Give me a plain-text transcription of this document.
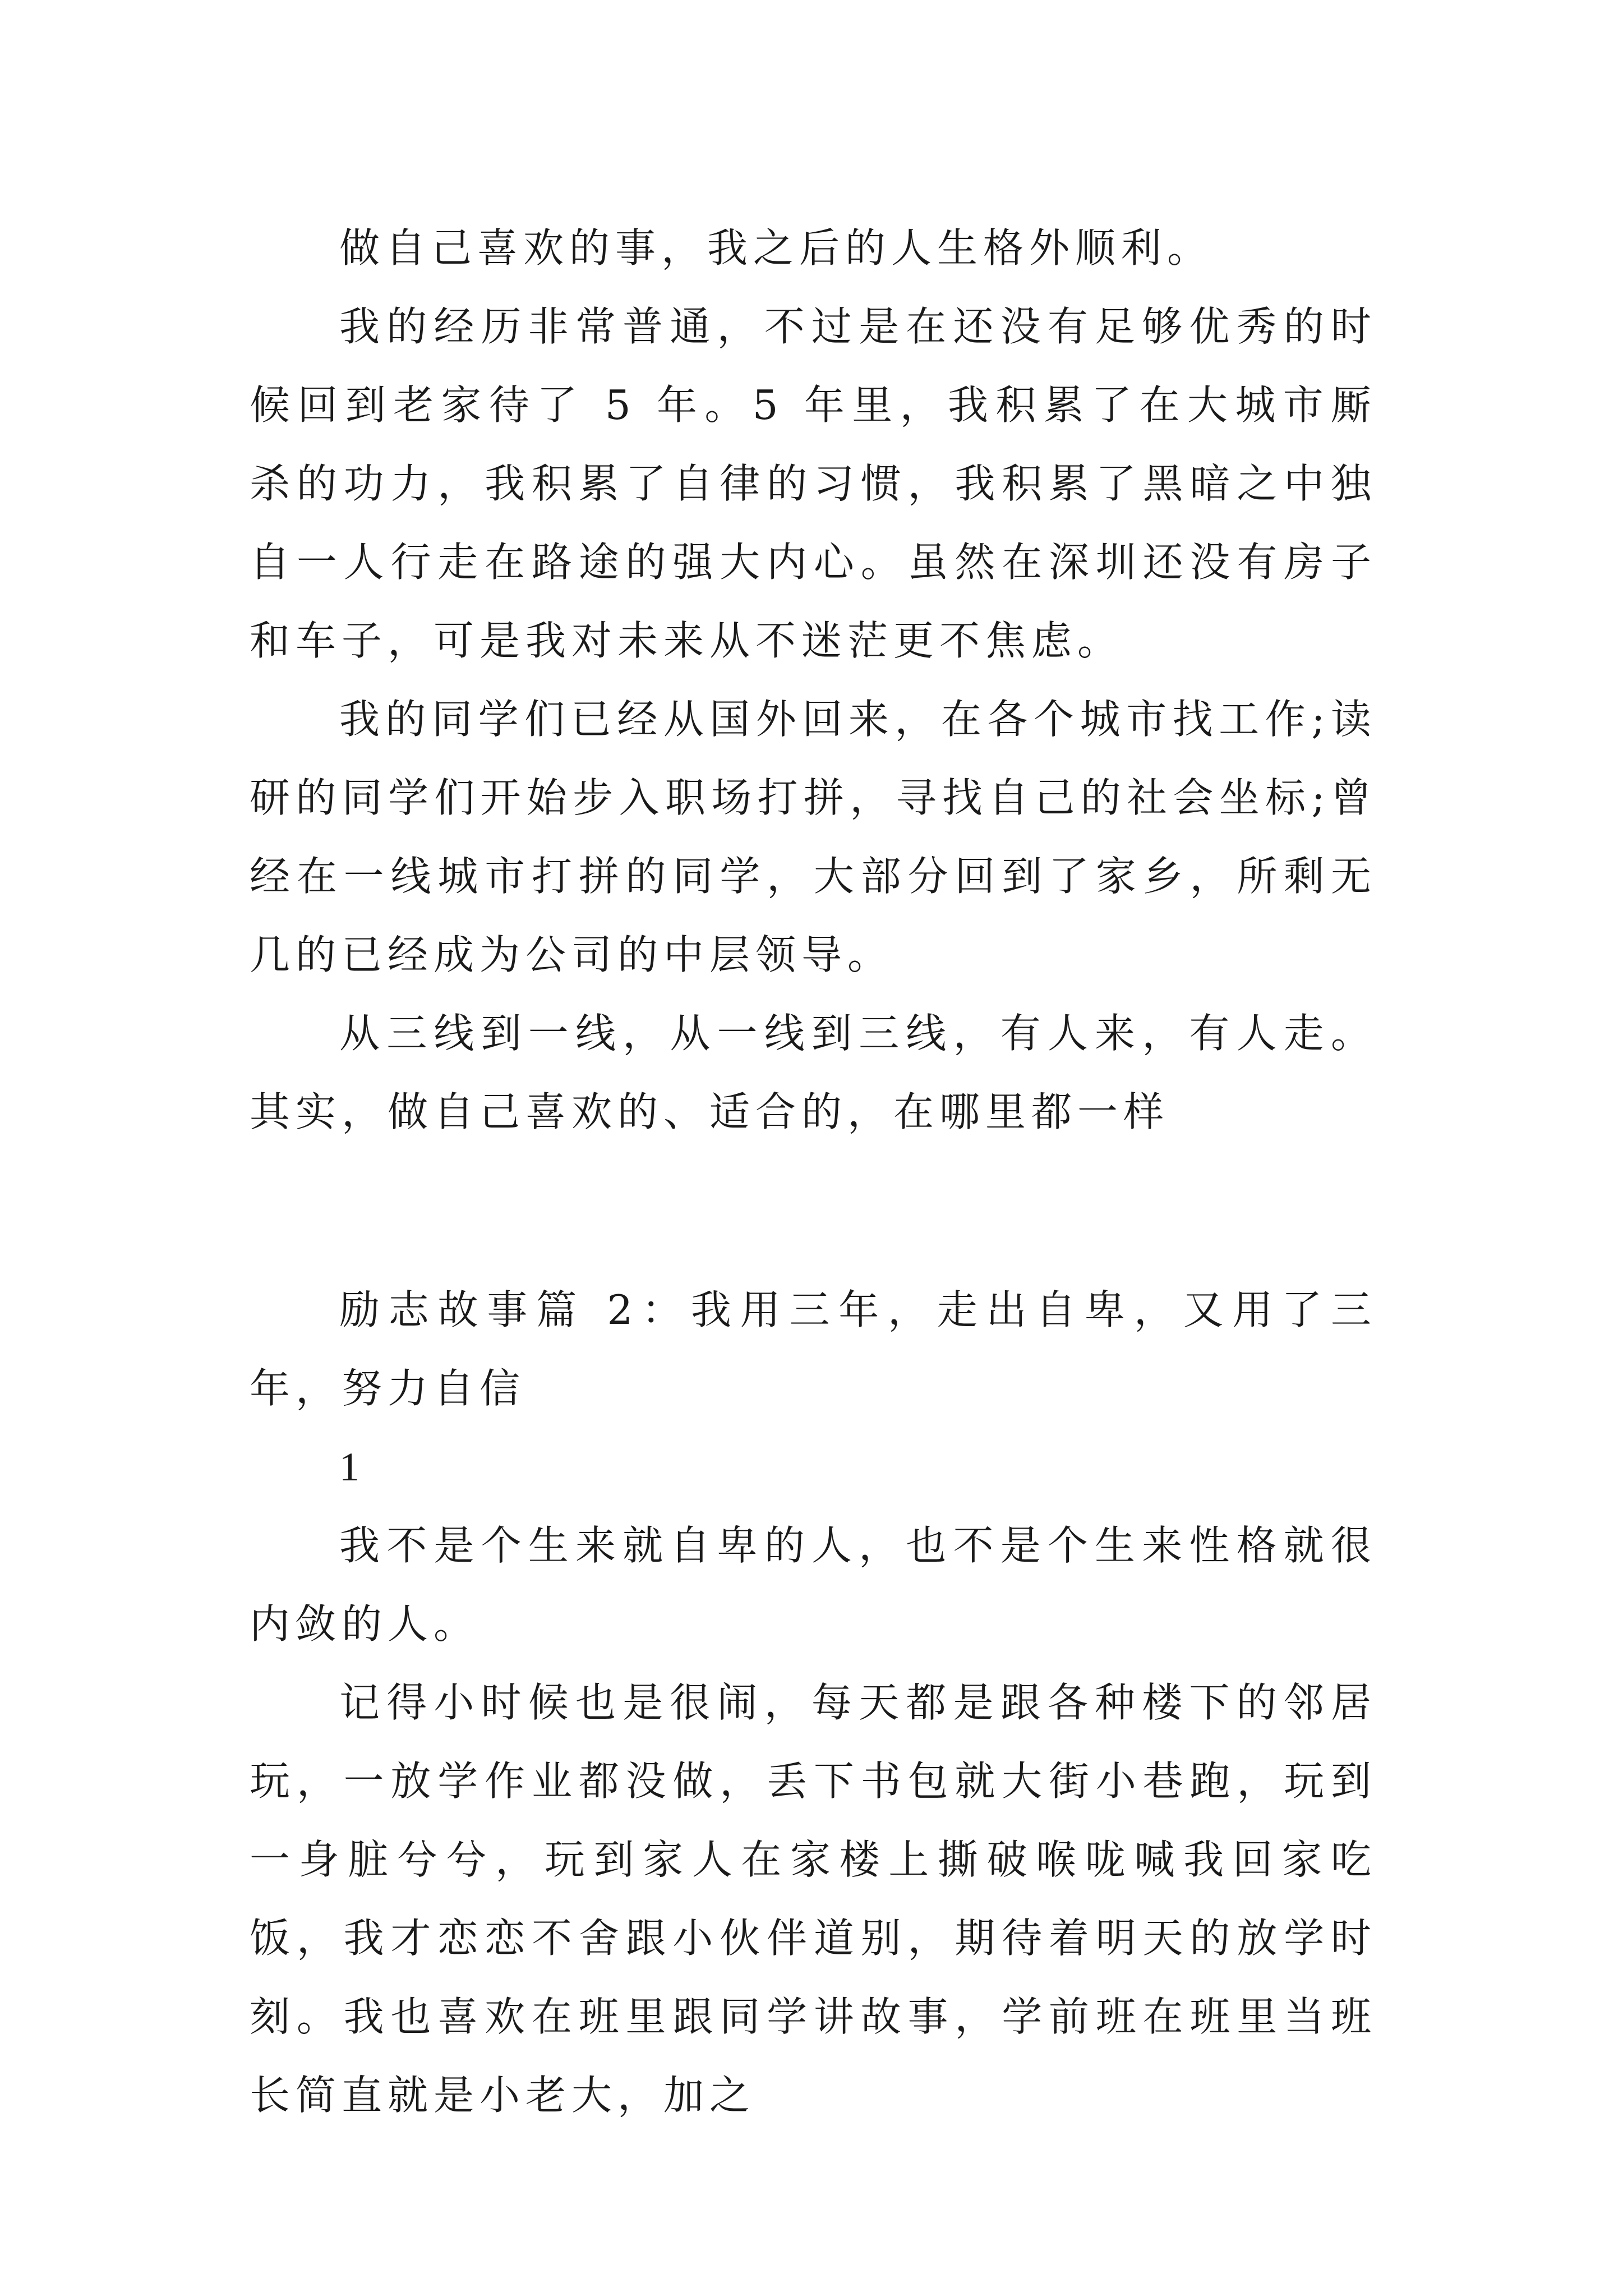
做自己喜欢的事，我之后的人生格外顺利。

我的经历非常普通，不过是在还没有足够优秀的时候回到老家待了 5 年。5 年里，我积累了在大城市厮杀的功力，我积累了自律的习惯，我积累了黑暗之中独自一人行走在路途的强大内心。虽然在深圳还没有房子和车子，可是我对未来从不迷茫更不焦虑。

我的同学们已经从国外回来，在各个城市找工作;读研的同学们开始步入职场打拼，寻找自己的社会坐标;曾经在一线城市打拼的同学，大部分回到了家乡，所剩无几的已经成为公司的中层领导。

从三线到一线，从一线到三线，有人来，有人走。其实，做自己喜欢的、适合的，在哪里都一样

励志故事篇 2：我用三年，走出自卑，又用了三年，努力自信

1

我不是个生来就自卑的人，也不是个生来性格就很内敛的人。

记得小时候也是很闹，每天都是跟各种楼下的邻居玩，一放学作业都没做，丢下书包就大街小巷跑，玩到一身脏兮兮，玩到家人在家楼上撕破喉咙喊我回家吃饭，我才恋恋不舍跟小伙伴道别，期待着明天的放学时刻。我也喜欢在班里跟同学讲故事，学前班在班里当班长简直就是小老大，加之
